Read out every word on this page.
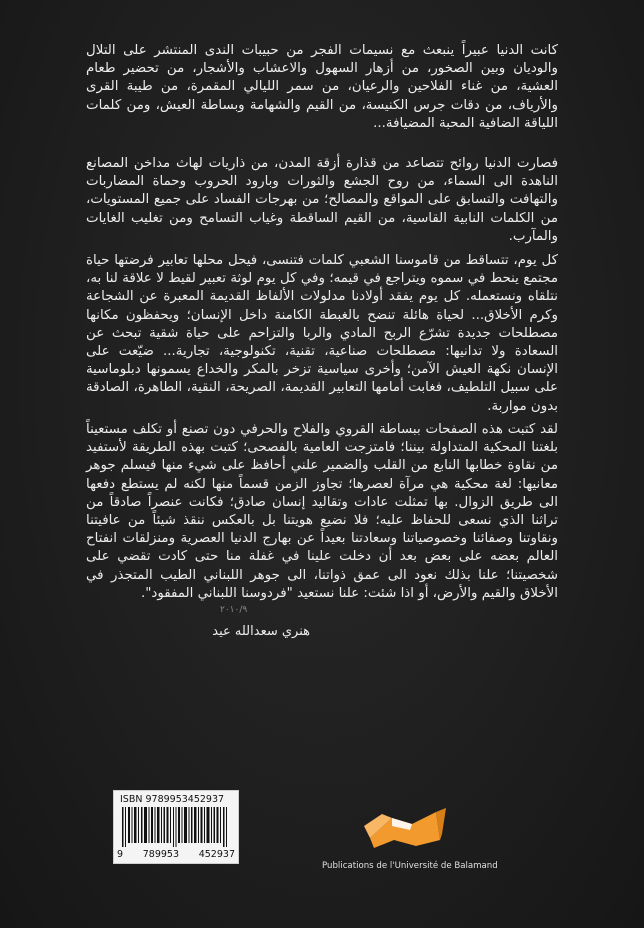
كانت الدنيا عبيراً ينبعث مع نسيمات الفجر من حبيبات الندى المنتشر على التلال والوديان وبين الصخور، من أزهار السهول والاعشاب والأشجار، من تحضير طعام العشية، من غناء الفلاحين والرعيان، من سمر الليالي المقمرة، من طيبة القرى والأرياف، من دقات جرس الكنيسة، من القيم والشهامة وبساطة العيش، ومن كلمات اللياقة الضافية المحبة المضيافة...

فصارت الدنيا روائح تتصاعد من قذارة أزقة المدن، من ذاريات لهاث مداخن المصانع الناهدة الى السماء، من روح الجشع والثورات وبارود الحروب وحماة المضاربات والتهافت والتسابق على المواقع والمصالح؛ من بهرجات الفساد على جميع المستويات، من الكلمات النابية القاسية، من القيم الساقطة وغياب التسامح ومن تغليب الغايات والمآرب.

كل يوم، تتساقط من قاموسنا الشعبي كلمات فتنسى، فيحل محلها تعابير فرضتها حياة مجتمع ينحط في سموه ويتراجع في قيمه؛ وفي كل يوم لوثة تعبير لقيط لا علاقة لنا به، نتلقاه ونستعمله. كل يوم يفقد أولادنا مدلولات الألفاظ القديمة المعبرة عن الشجاعة وكرم الأخلاق... لحياة هائلة تنضح بالغبطة الكامنة داخل الإنسان؛ ويحفظون مكانها مصطلحات جديدة تشرّع الربح المادي والربا والتزاحم على حياة شقية تبحث عن السعادة ولا تدانيها: مصطلحات صناعية، تقنية، تكنولوجية، تجارية... ضيّعت على الإنسان نكهة العيش الآمن؛ وأخرى سياسية تزخر بالمكر والخداع يسمونها دبلوماسية على سبيل التلطيف، فغابت أمامها التعابير القديمة، الصريحة، النقية، الطاهرة، الصادقة بدون مواربة.

لقد كتبت هذه الصفحات ببساطة القروي والفلاح والحرفي دون تصنع أو تكلف مستعيناً بلغتنا المحكية المتداولة بيننا؛ فامتزجت العامية بالفصحى؛ كتبت بهذه الطريقة لأستفيد من نقاوة خطابها النابع من القلب والضمير علني أحافظ على شيء منها فيسلم جوهر معانيها: لغة محكية هي مرآة لعصرها؛ تجاوز الزمن قسماً منها لكنه لم يستطع دفعها الى طريق الزوال. بها تمثلت عادات وتقاليد إنسان صادق؛ فكانت عنصراً صادقاً من تراثنا الذي نسعى للحفاظ عليه؛ فلا نضيع هويتنا بل بالعكس ننقذ شيئاً من عافيتنا ونقاوتنا وصفائنا وخصوصياتنا وسعادتنا بعيداً عن بهارج الدنيا العصرية ومنزلقات انفتاح العالم بعضه على بعض بعد أن دخلت علينا في غفلة منا حتى كادت تقضي على شخصيتنا؛ علنا بذلك نعود الى عمق ذواتنا، الى جوهر اللبناني الطيب المتجذر في الأخلاق والقيم والأرض، أو اذا شئت: علنا نستعيد "فردوسنا اللبناني المفقود".

٢٠١٠/٩
هنري سعدالله عيد
ISBN 9789953452937
9 789953 452937
Publications de l'Université de Balamand
